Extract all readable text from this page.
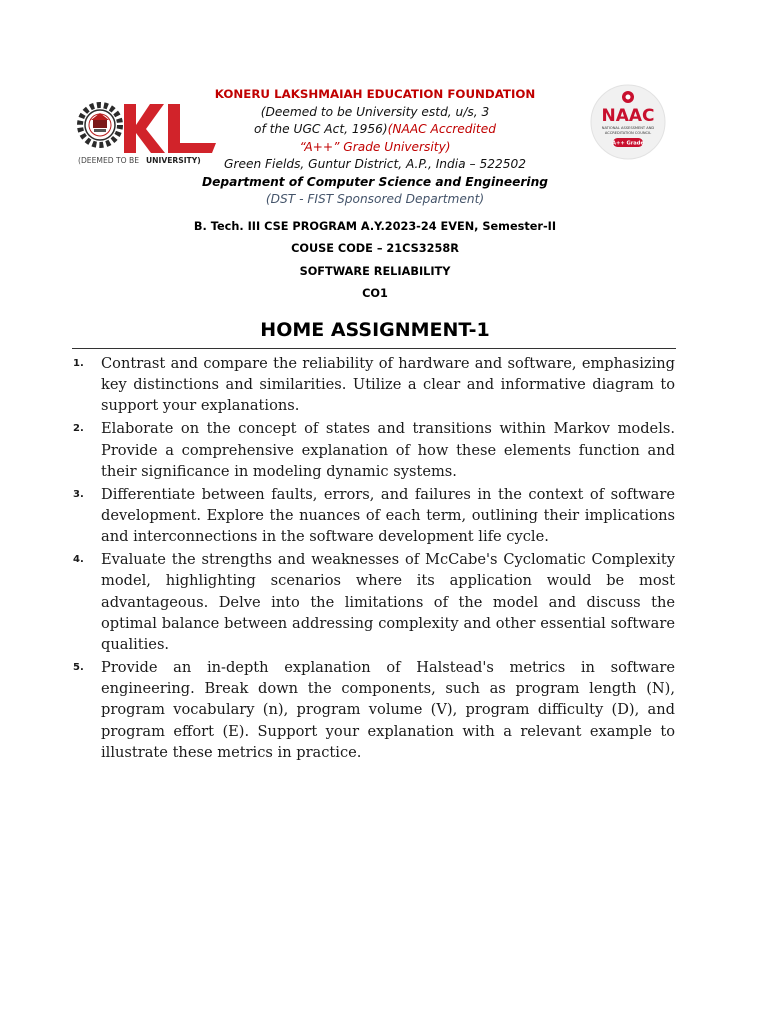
(DEEMED TO BE UNIVERSITY)
NAAC
NATIONAL ASSESSMENT AND
ACCREDITATION COUNCIL
A++ Grade
KONERU LAKSHMAIAH EDUCATION FOUNDATION
(Deemed to be University estd, u/s, 3
of the UGC Act, 1956)(NAAC Accredited
“A++” Grade University)
Green Fields, Guntur District, A.P., India – 522502
Department of Computer Science and Engineering
(DST - FIST Sponsored Department)
B. Tech. III CSE PROGRAM A.Y.2023-24 EVEN, Semester-II
COUSE CODE – 21CS3258R
SOFTWARE RELIABILITY
CO1
HOME ASSIGNMENT-1
1. Contrast and compare the reliability of hardware and software, emphasizing key distinctions and similarities. Utilize a clear and informative diagram to support your explanations.
2. Elaborate on the concept of states and transitions within Markov models. Provide a comprehensive explanation of how these elements function and their significance in modeling dynamic systems.
3. Differentiate between faults, errors, and failures in the context of software development. Explore the nuances of each term, outlining their implications and interconnections in the software development life cycle.
4. Evaluate the strengths and weaknesses of McCabe's Cyclomatic Complexity model, highlighting scenarios where its application would be most advantageous. Delve into the limitations of the model and discuss the optimal balance between addressing complexity and other essential software qualities.
5. Provide an in-depth explanation of Halstead's metrics in software engineering. Break down the components, such as program length (N), program vocabulary (n), program volume (V), program difficulty (D), and program effort (E). Support your explanation with a relevant example to illustrate these metrics in practice.
